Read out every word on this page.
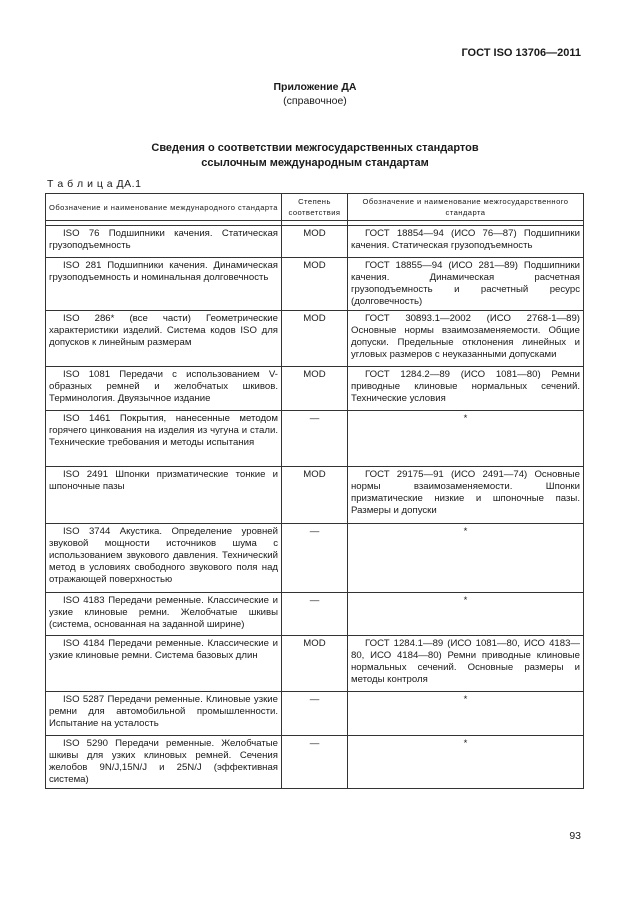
ГОСТ ISO 13706—2011
Приложение ДА
(справочное)
Сведения о соответствии межгосударственных стандартов
ссылочным международным стандартам
Т а б л и ц а ДА.1
Обозначение и наименование международного стандарта	Степень соответствия	Обозначение и наименование межгосударственного стандарта

ISO 76 Подшипники качения. Статическая грузоподъемность	MOD	ГОСТ 18854—94 (ИСО 76—87) Подшипники качения. Статическая грузоподъемность
ISO 281 Подшипники качения. Динамическая грузоподъемность и номинальная долговечность	MOD	ГОСТ 18855—94 (ИСО 281—89) Подшипники качения. Динамическая расчетная грузоподъемность и расчетный ресурс (долговечность)
ISO 286* (все части) Геометрические характеристики изделий. Система кодов ISO для допусков к линейным размерам	MOD	ГОСТ 30893.1—2002 (ИСО 2768-1—89) Основные нормы взаимозаменяемости. Общие допуски. Предельные отклонения линейных и угловых размеров с неуказанными допусками
ISO 1081 Передачи с использованием V-образных ремней и желобчатых шкивов. Терминология. Двуязычное издание	MOD	ГОСТ 1284.2—89 (ИСО 1081—80) Ремни приводные клиновые нормальных сечений. Технические условия
ISO 1461 Покрытия, нанесенные методом горячего цинкования на изделия из чугуна и стали. Технические требования и методы испытания	—	*
ISO 2491 Шпонки призматические тонкие и шпоночные пазы	MOD	ГОСТ 29175—91 (ИСО 2491—74) Основные нормы взаимозаменяемости. Шпонки призматические низкие и шпоночные пазы. Размеры и допуски
ISO 3744 Акустика. Определение уровней звуковой мощности источников шума с использованием звукового давления. Технический метод в условиях свободного звукового поля над отражающей поверхностью	—	*
ISO 4183 Передачи ременные. Классические и узкие клиновые ремни. Желобчатые шкивы (система, основанная на заданной ширине)	—	*
ISO 4184 Передачи ременные. Классические и узкие клиновые ремни. Система базовых длин	MOD	ГОСТ 1284.1—89 (ИСО 1081—80, ИСО 4183—80, ИСО 4184—80) Ремни приводные клиновые нормальных сечений. Основные размеры и методы контроля
ISO 5287 Передачи ременные. Клиновые узкие ремни для автомобильной промышленности. Испытание на усталость	—	*
ISO 5290 Передачи ременные. Желобчатые шкивы для узких клиновых ремней. Сечения желобов 9N/J,15N/J и 25N/J (эффективная система)	—	*
93
